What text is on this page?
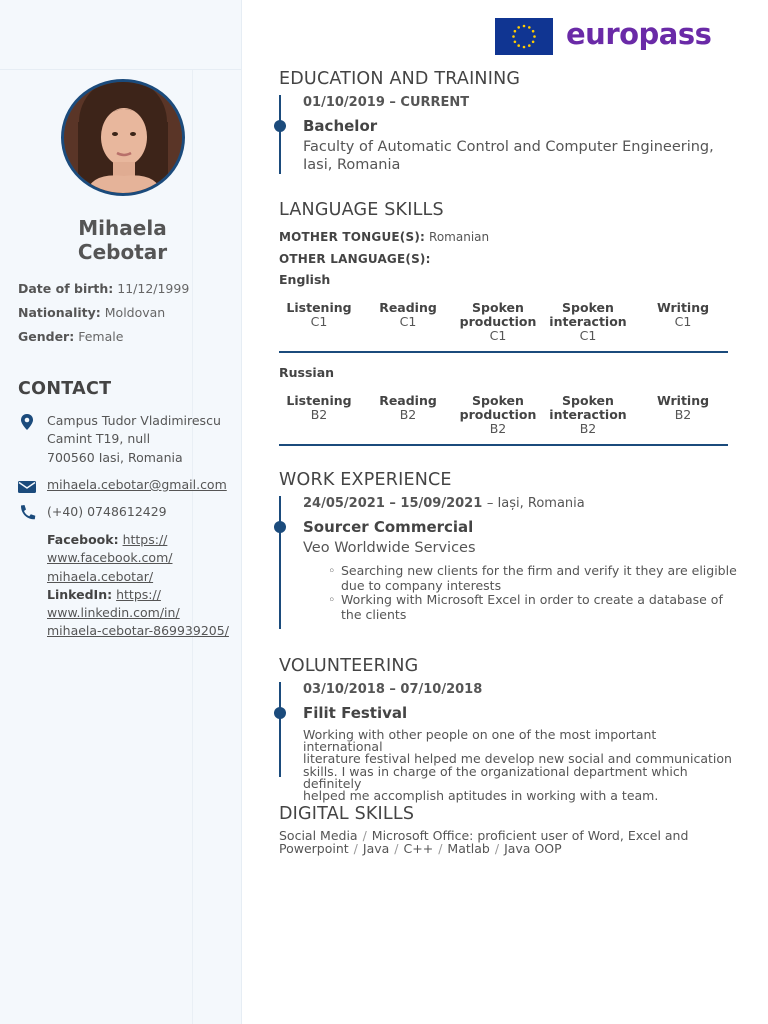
Mihaela
Cebotar
Date of birth: 11/12/1999
Nationality: Moldovan
Gender: Female
CONTACT
Campus Tudor Vladimirescu
Camint T19, null
700560 Iasi, Romania
mihaela.cebotar@gmail.com
(+40) 0748612429
Facebook: https://
www.facebook.com/
mihaela.cebotar/
LinkedIn: https://
www.linkedin.com/in/
mihaela-cebotar-869939205/
europass
EDUCATION AND TRAINING
01/10/2019 – CURRENT
Bachelor
Faculty of Automatic Control and Computer Engineering,
Iasi, Romania
LANGUAGE SKILLS
MOTHER TONGUE(S): Romanian
OTHER LANGUAGE(S):
English
Listening
C1
Reading
C1
Spoken
production
C1
Spoken
interaction
C1
Writing
C1
Russian
Listening
B2
Reading
B2
Spoken
production
B2
Spoken
interaction
B2
Writing
B2
WORK EXPERIENCE
24/05/2021 – 15/09/2021 – Iași, Romania
Sourcer Commercial
Veo Worldwide Services
◦ Searching new clients for the firm and verify it they are eligible
due to company interests
◦ Working with Microsoft Excel in order to create a database of
the clients
VOLUNTEERING
03/10/2018 – 07/10/2018
Filit Festival
Working with other people on one of the most important international
literature festival helped me develop new social and communication
skills. I was in charge of the organizational department which definitely
helped me accomplish aptitudes in working with a team.
DIGITAL SKILLS
Social Media / Microsoft Office: proficient user of Word, Excel and Powerpoint / Java / C++ / Matlab / Java OOP
